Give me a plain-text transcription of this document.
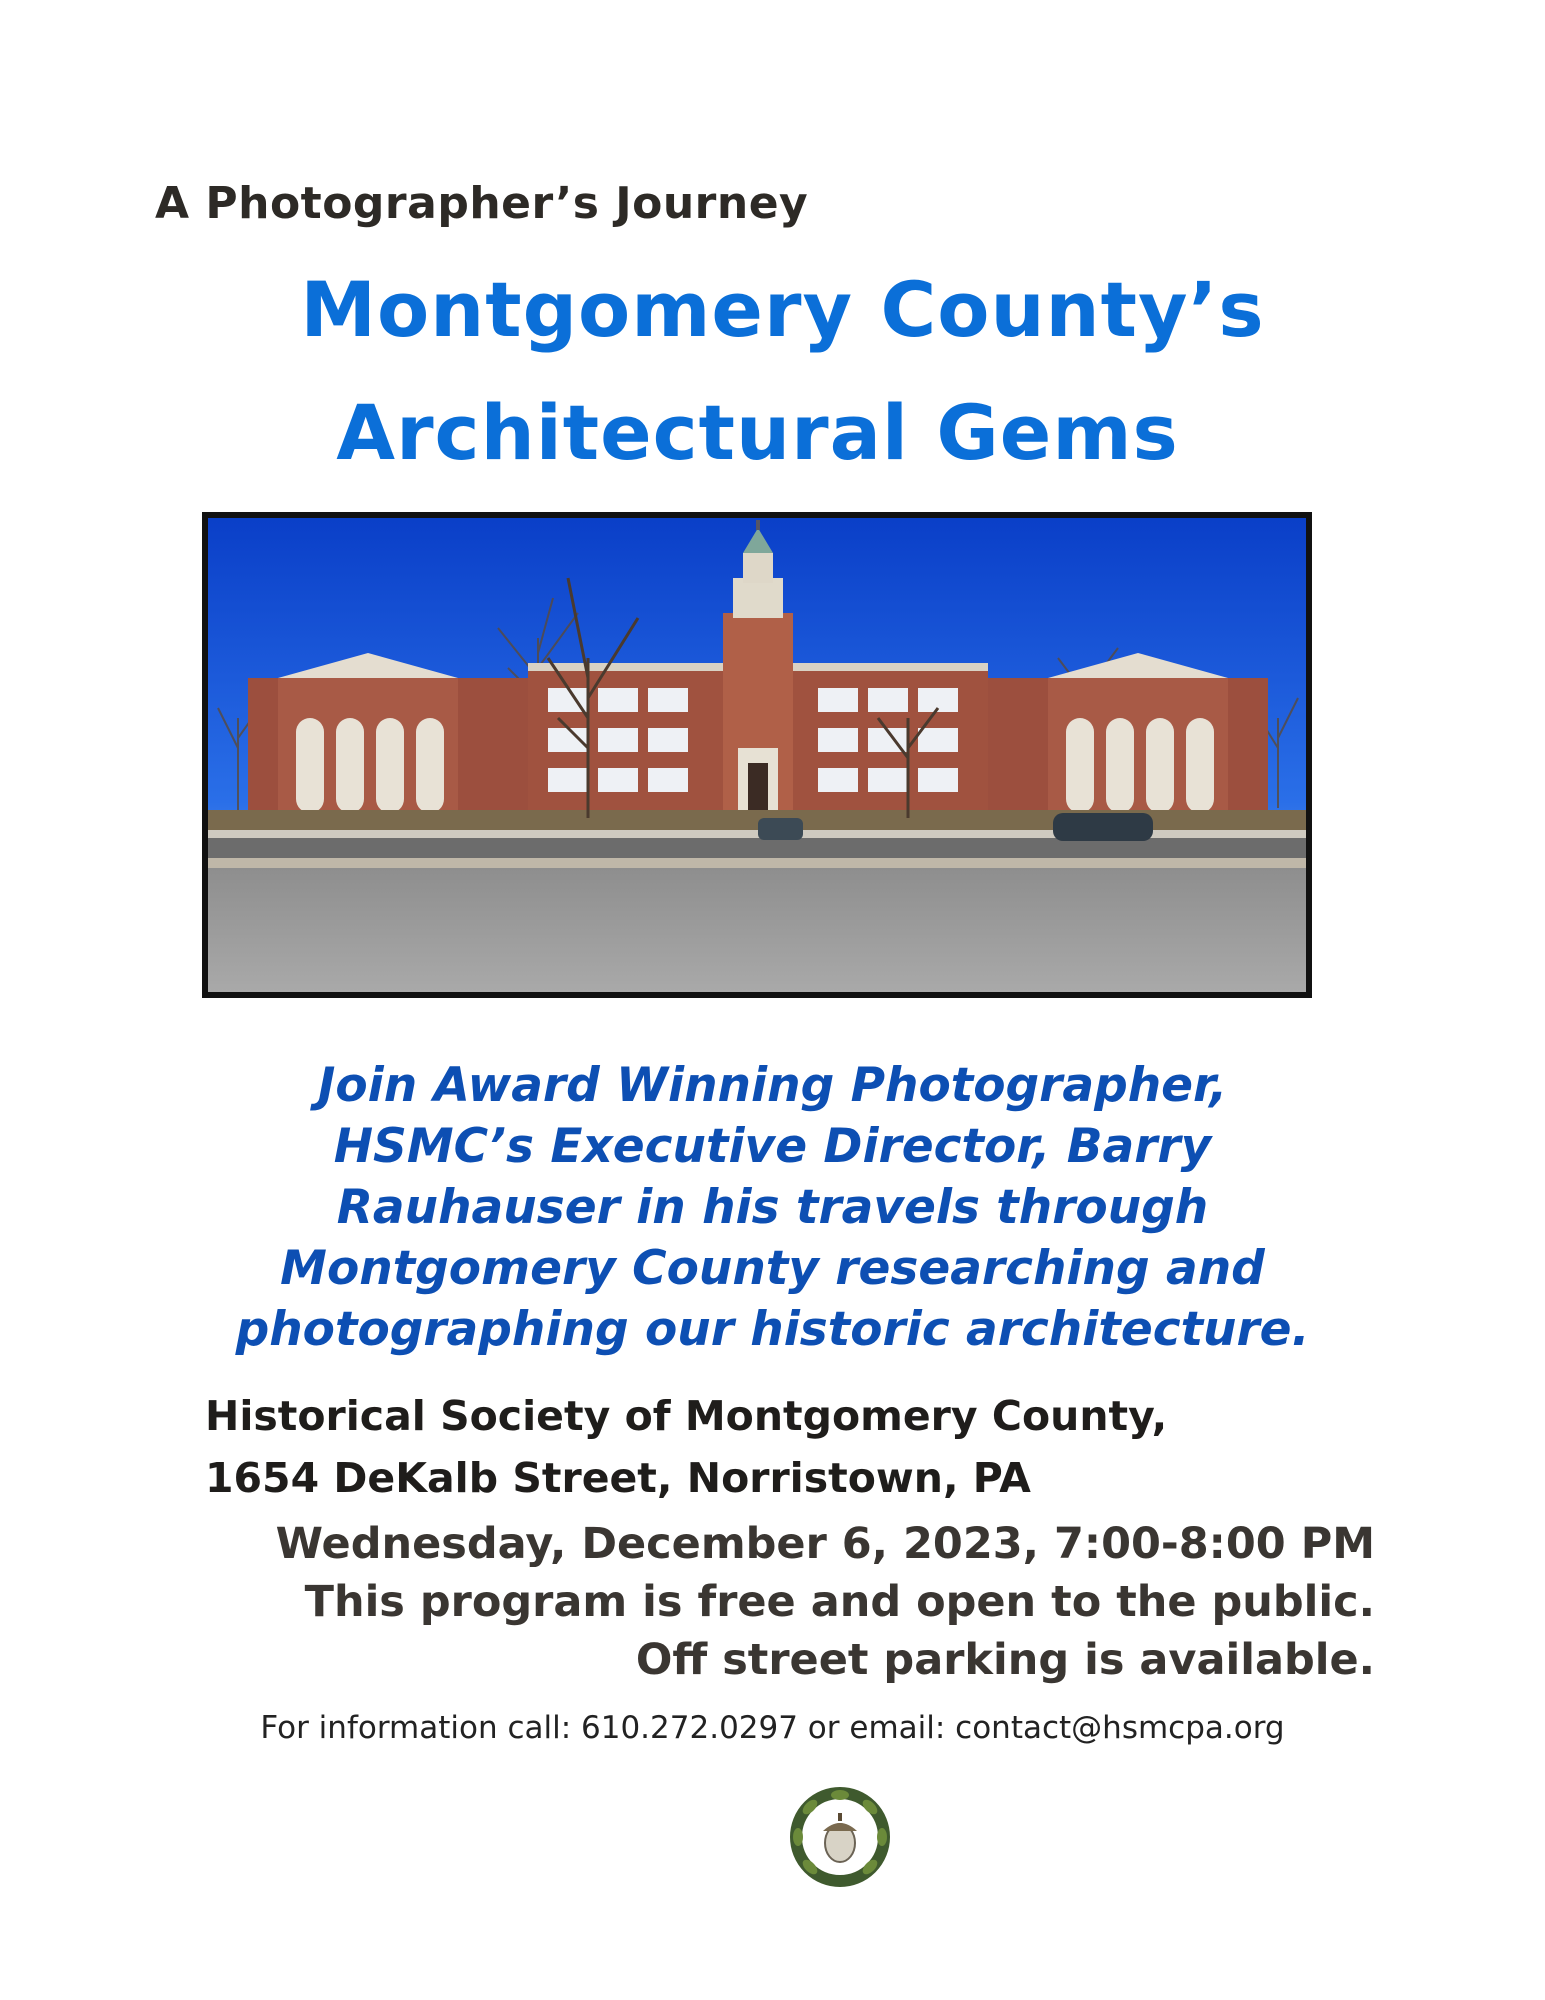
A Photographer’s Journey
Montgomery County’s
Architectural Gems
Join Award Winning Photographer,
HSMC’s Executive Director, Barry
Rauhauser in his travels through
Montgomery County researching and
photographing our historic architecture.
Historical Society of Montgomery County,
1654 DeKalb Street, Norristown, PA
Wednesday, December 6, 2023, 7:00-8:00 PM
This program is free and open to the public.
Off street parking is available.
For information call: 610.272.0297 or email: contact@hsmcpa.org
